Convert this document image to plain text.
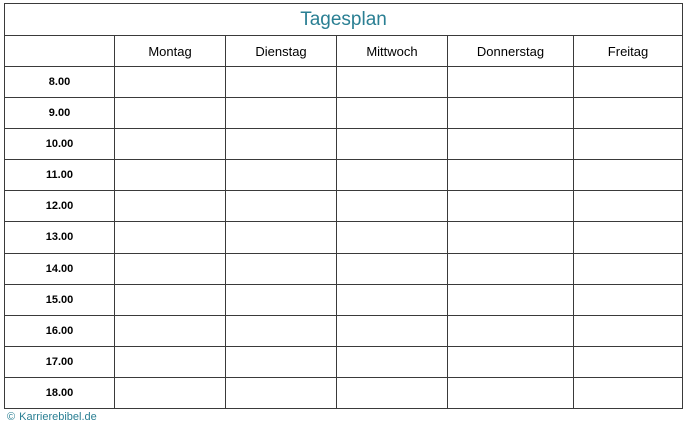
Tagesplan					
	Montag	Dienstag	Mittwoch	Donnerstag	Freitag
8.00					
9.00					
10.00					
11.00					
12.00					
13.00					
14.00					
15.00					
16.00					
17.00					
18.00					
© Karrierebibel.de
